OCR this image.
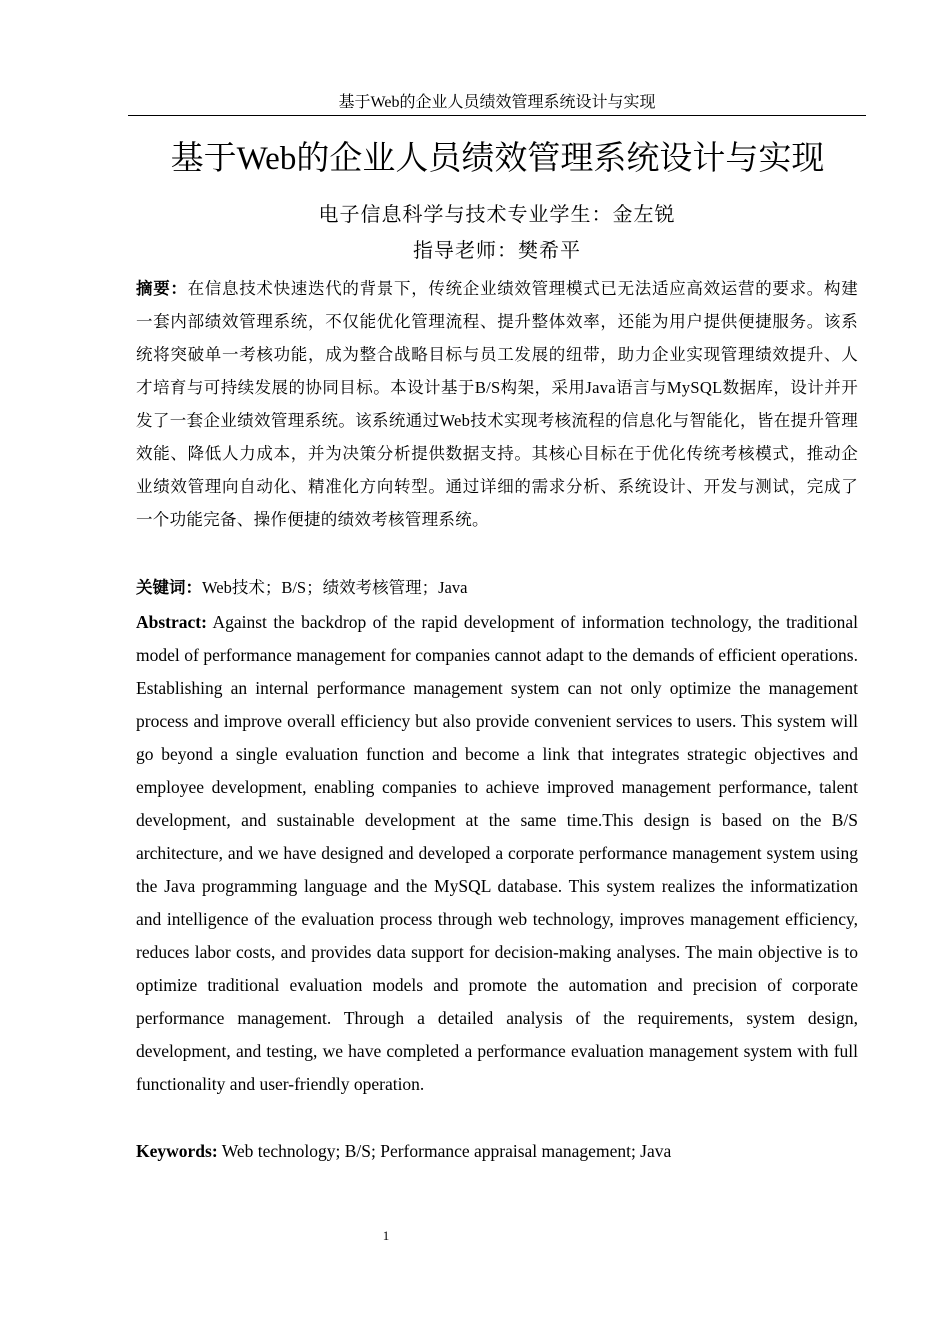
基于Web的企业人员绩效管理系统设计与实现
基于Web的企业人员绩效管理系统设计与实现
电子信息科学与技术专业学生：金左锐
指导老师：樊希平

摘要：在信息技术快速迭代的背景下，传统企业绩效管理模式已无法适应高效运营的要求。构建一套内部绩效管理系统，不仅能优化管理流程、提升整体效率，还能为用户提供便捷服务。该系统将突破单一考核功能，成为整合战略目标与员工发展的纽带，助力企业实现管理绩效提升、人才培育与可持续发展的协同目标。本设计基于B/S构架，采用Java语言与MySQL数据库，设计并开发了一套企业绩效管理系统。该系统通过Web技术实现考核流程的信息化与智能化，皆在提升管理效能、降低人力成本，并为决策分析提供数据支持。其核心目标在于优化传统考核模式，推动企业绩效管理向自动化、精准化方向转型。通过详细的需求分析、系统设计、开发与测试，完成了一个功能完备、操作便捷的绩效考核管理系统。

关键词：Web技术；B/S；绩效考核管理；Java

Abstract: Against the backdrop of the rapid development of information technology, the traditional model of performance management for companies cannot adapt to the demands of efficient operations. Establishing an internal performance management system can not only optimize the management process and improve overall efficiency but also provide convenient services to users. This system will go beyond a single evaluation function and become a link that integrates strategic objectives and employee development, enabling companies to achieve improved management performance, talent development, and sustainable development at the same time.This design is based on the B/S architecture, and we have designed and developed a corporate performance management system using the Java programming language and the MySQL database. This system realizes the informatization and intelligence of the evaluation process through web technology, improves management efficiency, reduces labor costs, and provides data support for decision-making analyses. The main objective is to optimize traditional evaluation models and promote the automation and precision of corporate performance management. Through a detailed analysis of the requirements, system design, development, and testing, we have completed a performance evaluation management system with full functionality and user-friendly operation.

Keywords: Web technology; B/S; Performance appraisal management; Java

1
